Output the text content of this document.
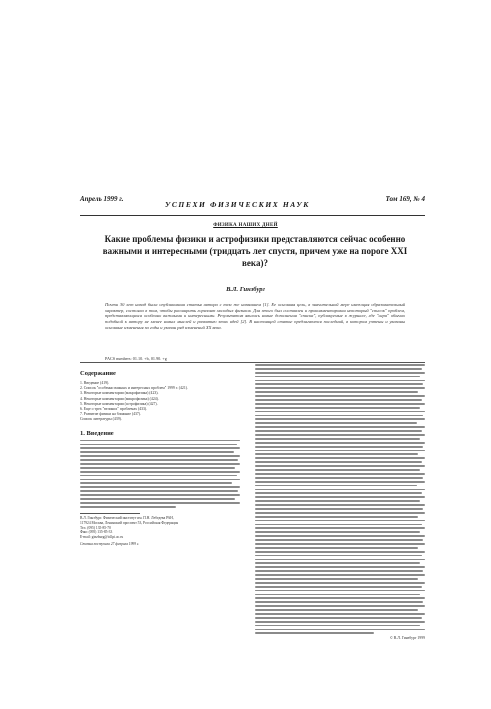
Апрель 1999 г.
УСПЕХИ ФИЗИЧЕСКИХ НАУК
Том 169, № 4
ФИЗИКА НАШИХ ДНЕЙ
Какие проблемы физики и астрофизики представляются сейчас особенно важными и интересными (тридцать лет спустя, причем уже на пороге XXI века)?
В.Л. Гинзбург
Почти 30 лет назад была опубликована статья автора с тем же названием [1]. Ее основная цель, в значительной мере имеющая образовательный характер, состояла в том, чтобы расширить горизонт молодых физиков. Для этого был составлен и прокомментирован некоторый "список" проблем, представляющихся особенно важными и интересными. Результатом явились новые дополнения "списка", публикуемые в журнале, где "игра" обычно подобной к автору не менее новых мыслей и развитию этих идей [2]. В настоящей статье предлагаются последний, в котором учтены и указаны основные изменения за годы и указан ряд изменений XX века.
PACS numbers: 01.10. +b, 01.90. +g
Содержание
1. Введение (419).
2. Список "особенно важных и интересных проблем" 1999 г. (421).
3. Некоторые комментарии (макрофизика) (423).
4. Некоторые комментарии (микрофизика) (424).
5. Некоторые комментарии (астрофизика) (427).
6. Еще о трех "великих" проблемах (433).
7. Развитие физики на ближние (437).
Список литературы (439).
1. Введение
В.Л. Гинзбург. Физический институт им. П.Н. Лебедева РАН,
117924 Москва, Ленинский проспект 53, Российская Федерация
Тел. (095) 135-85-70
Факс (095) 135-85-33
E-mail: ginzburg@td.lpi.ac.ru
Статья поступила 27 февраля 1999 г.
© В.Л. Гинзбург 1999
